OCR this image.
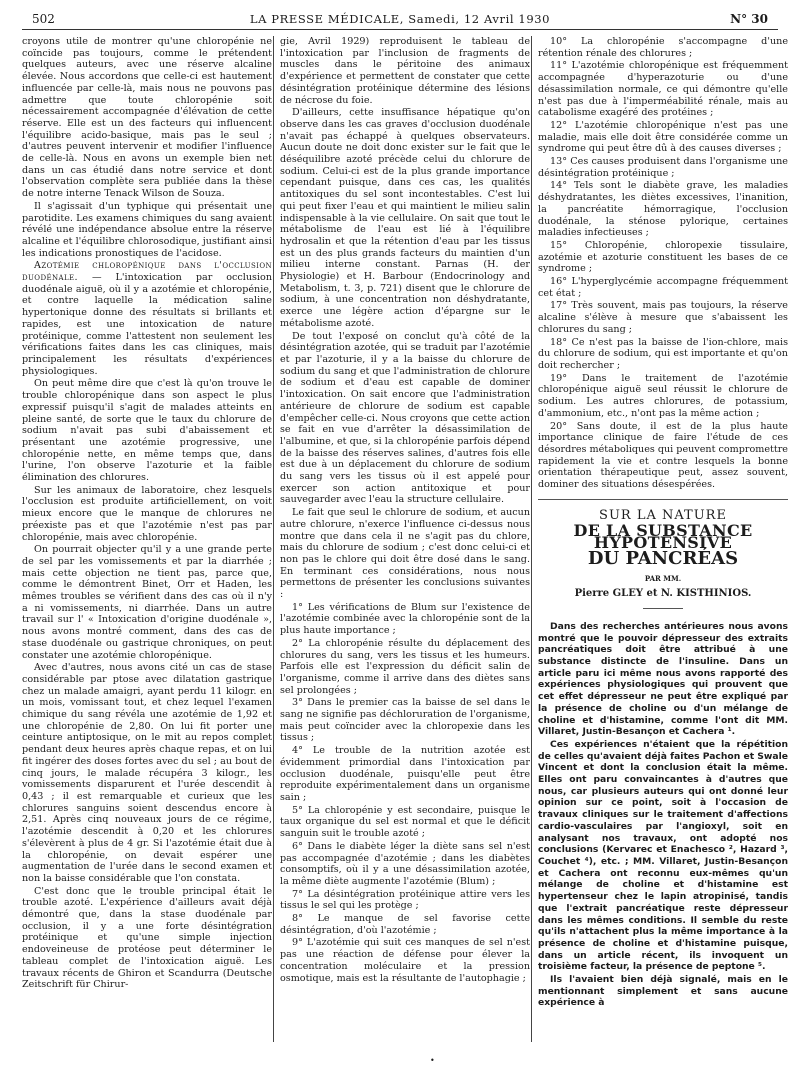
502	LA PRESSE MÉDICALE, Samedi, 12 Avril 1930	N° 30

croyons utile de montrer qu'une chloropénie ne coïncide pas toujours, comme le prétendent quelques auteurs, avec une réserve alcaline élevée. Nous accordons que celle-ci est hautement influencée par celle-là, mais nous ne pouvons pas admettre que toute chloropénie soit nécessairement accompagnée d'élévation de cette réserve. Elle est un des facteurs qui influencent l'équilibre acido-basique, mais pas le seul ; d'autres peuvent intervenir et modifier l'influence de celle-là. Nous en avons un exemple bien net dans un cas étudié dans notre service et dont l'observation complète sera publiée dans la thèse de notre interne Tenack Wilson de Souza.

Il s'agissait d'un typhique qui présentait une parotidite. Les examens chimiques du sang avaient révélé une indépendance absolue entre la réserve alcaline et l'équilibre chlorosodique, justifiant ainsi les indications pronostiques de l'acidose.

Azotémie chloropénique dans l'occlusion duodénale. — L'intoxication par occlusion duodénale aiguë, où il y a azotémie et chloropénie, et contre laquelle la médication saline hypertonique donne des résultats si brillants et rapides, est une intoxication de nature protéinique, comme l'attestent non seulement les vérifications faites dans les cas cliniques, mais principalement les résultats d'expériences physiologiques.

On peut même dire que c'est là qu'on trouve le trouble chloropénique dans son aspect le plus expressif puisqu'il s'agit de malades atteints en pleine santé, de sorte que le taux du chlorure de sodium n'avait pas subi d'abaissement et présentant une azotémie progressive, une chloropénie nette, en même temps que, dans l'urine, l'on observe l'azoturie et la faible élimination des chlorures.

Sur les animaux de laboratoire, chez lesquels l'occlusion est produite artificiellement, on voit mieux encore que le manque de chlorures ne préexiste pas et que l'azotémie n'est pas par chloropénie, mais avec chloropénie.

On pourrait objecter qu'il y a une grande perte de sel par les vomissements et par la diarrhée ; mais cette objection ne tient pas, parce que, comme le démontrent Binet, Orr et Haden, les mêmes troubles se vérifient dans des cas où il n'y a ni vomissements, ni diarrhée. Dans un autre travail sur l' « Intoxication d'origine duodénale », nous avons montré comment, dans des cas de stase duodénale ou gastrique chroniques, on peut constater une azotémie chloropénique.

Avec d'autres, nous avons cité un cas de stase considérable par ptose avec dilatation gastrique chez un malade amaigri, ayant perdu 11 kilogr. en un mois, vomissant tout, et chez lequel l'examen chimique du sang révéla une azotémie de 1,92 et une chloropénie de 2,80. On lui fit porter une ceinture antiptosique, on le mit au repos complet pendant deux heures après chaque repas, et on lui fit ingérer des doses fortes avec du sel ; au bout de cinq jours, le malade récupéra 3 kilogr., les vomissements disparurent et l'urée descendit à 0,43 ; il est remarquable et curieux que les chlorures sanguins soient descendus encore à 2,51. Après cinq nouveaux jours de ce régime, l'azotémie descendit à 0,20 et les chlorures s'élevèrent à plus de 4 gr. Si l'azotémie était due à la chloropénie, on devait espérer une augmentation de l'urée dans le second examen et non la baisse considérable que l'on constata.

C'est donc que le trouble principal était le trouble azoté. L'expérience d'ailleurs avait déjà démontré que, dans la stase duodénale par occlusion, il y a une forte désintégration protéinique et qu'une simple injection endoveineuse de protéose peut déterminer le tableau complet de l'intoxication aiguë. Les travaux récents de Ghiron et Scandurra (Deutsche Zeitschrift für Chirur-

gie, Avril 1929) reproduisent le tableau de l'intoxication par l'inclusion de fragments de muscles dans le péritoine des animaux d'expérience et permettent de constater que cette désintégration protéinique détermine des lésions de nécrose du foie.

D'ailleurs, cette insuffisance hépatique qu'on observe dans les cas graves d'occlusion duodénale n'avait pas échappé à quelques observateurs. Aucun doute ne doit donc exister sur le fait que le déséquilibre azoté précède celui du chlorure de sodium. Celui-ci est de la plus grande importance cependant puisque, dans ces cas, les qualités antitoxiques du sel sont incontestables. C'est lui qui peut fixer l'eau et qui maintient le milieu salin indispensable à la vie cellulaire. On sait que tout le métabolisme de l'eau est lié à l'équilibre hydrosalin et que la rétention d'eau par les tissus est un des plus grands facteurs du maintien d'un milieu interne constant. Parnas (H. der Physiologie) et H. Barbour (Endocrinology and Metabolism, t. 3, p. 721) disent que le chlorure de sodium, à une concentration non déshydratante, exerce une légère action d'épargne sur le métabolisme azoté.

De tout l'exposé on conclut qu'à côté de la désintégration azotée, qui se traduit par l'azotémie et par l'azoturie, il y a la baisse du chlorure de sodium du sang et que l'administration de chlorure de sodium et d'eau est capable de dominer l'intoxication. On sait encore que l'administration antérieure de chlorure de sodium est capable d'empêcher celle-ci. Nous croyons que cette action se fait en vue d'arrêter la désassimilation de l'albumine, et que, si la chloropénie parfois dépend de la baisse des réserves salines, d'autres fois elle est due à un déplacement du chlorure de sodium du sang vers les tissus où il est appelé pour exercer son action antitoxique et pour sauvegarder avec l'eau la structure cellulaire.

Le fait que seul le chlorure de sodium, et aucun autre chlorure, n'exerce l'influence ci-dessus nous montre que dans cela il ne s'agit pas du chlore, mais du chlorure de sodium ; c'est donc celui-ci et non pas le chlore qui doit être dosé dans le sang. En terminant ces considérations, nous nous permettons de présenter les conclusions suivantes :

1° Les vérifications de Blum sur l'existence de l'azotémie combinée avec la chloropénie sont de la plus haute importance ;

2° La chloropénie résulte du déplacement des chlorures du sang, vers les tissus et les humeurs. Parfois elle est l'expression du déficit salin de l'organisme, comme il arrive dans des diètes sans sel prolongées ;

3° Dans le premier cas la baisse de sel dans le sang ne signifie pas déchloruration de l'organisme, mais peut coïncider avec la chloropexie dans les tissus ;

4° Le trouble de la nutrition azotée est évidemment primordial dans l'intoxication par occlusion duodénale, puisqu'elle peut être reproduite expérimentalement dans un organisme sain ;

5° La chloropénie y est secondaire, puisque le taux organique du sel est normal et que le déficit sanguin suit le trouble azoté ;

6° Dans le diabète léger la diète sans sel n'est pas accompagnée d'azotémie ; dans les diabètes consomptifs, où il y a une désassimilation azotée, la même diète augmente l'azotémie (Blum) ;

7° La désintégration protéinique attire vers les tissus le sel qui les protège ;

8° Le manque de sel favorise cette désintégration, d'où l'azotémie ;

9° L'azotémie qui suit ces manques de sel n'est pas une réaction de défense pour élever la concentration moléculaire et la pression osmotique, mais est la résultante de l'autophagie ;

10° La chloropénie s'accompagne d'une rétention rénale des chlorures ;

11° L'azotémie chloropénique est fréquemment accompagnée d'hyperazoturie ou d'une désassimilation normale, ce qui démontre qu'elle n'est pas due à l'imperméabilité rénale, mais au catabolisme exagéré des protéines ;

12° L'azotémie chloropénique n'est pas une maladie, mais elle doit être considérée comme un syndrome qui peut être dû à des causes diverses ;

13° Ces causes produisent dans l'organisme une désintégration protéinique ;

14° Tels sont le diabète grave, les maladies déshydratantes, les diètes excessives, l'inanition, la pancréatite hémorragique, l'occlusion duodénale, la sténose pylorique, certaines maladies infectieuses ;

15° Chloropénie, chloropexie tissulaire, azotémie et azoturie constituent les bases de ce syndrome ;

16° L'hyperglycémie accompagne fréquemment cet état ;

17° Très souvent, mais pas toujours, la réserve alcaline s'élève à mesure que s'abaissent les chlorures du sang ;

18° Ce n'est pas la baisse de l'ion-chlore, mais du chlorure de sodium, qui est importante et qu'on doit rechercher ;

19° Dans le traitement de l'azotémie chloropénique aiguë seul réussit le chlorure de sodium. Les autres chlorures, de potassium, d'ammonium, etc., n'ont pas la même action ;

20° Sans doute, il est de la plus haute importance clinique de faire l'étude de ces désordres métaboliques qui peuvent compromettre rapidement la vie et contre lesquels la bonne orientation thérapeutique peut, assez souvent, dominer des situations désespérées.

SUR LA NATURE
DE LA SUBSTANCE HYPOTENSIVE
DU PANCRÉAS
PAR MM.
Pierre GLEY et N. KISTHINIOS.

Dans des recherches antérieures nous avons montré que le pouvoir dépresseur des extraits pancréatiques doit être attribué à une substance distincte de l'insuline. Dans un article paru ici même nous avons rapporté des expériences physiologiques qui prouvent que cet effet dépresseur ne peut être expliqué par la présence de choline ou d'un mélange de choline et d'histamine, comme l'ont dit MM. Villaret, Justin-Besançon et Cachera ¹.

Ces expériences n'étaient que la répétition de celles qu'avaient déjà faites Pachon et Swale Vincent et dont la conclusion était la même. Elles ont paru convaincantes à d'autres que nous, car plusieurs auteurs qui ont donné leur opinion sur ce point, soit à l'occasion de travaux cliniques sur le traitement d'affections cardio-vasculaires par l'angioxyl, soit en analysant nos travaux, ont adopté nos conclusions (Kervarec et Enachesco ², Hazard ³, Couchet ⁴), etc. ; MM. Villaret, Justin-Besançon et Cachera ont reconnu eux-mêmes qu'un mélange de choline et d'histamine est hypertenseur chez le lapin atropinisé, tandis que l'extrait pancréatique reste dépresseur dans les mêmes conditions. Il semble du reste qu'ils n'attachent plus la même importance à la présence de choline et d'histamine puisque, dans un article récent, ils invoquent un troisième facteur, la présence de peptone ⁵.

Ils l'avaient bien déjà signalé, mais en le mentionnant simplement et sans aucune expérience à

•
